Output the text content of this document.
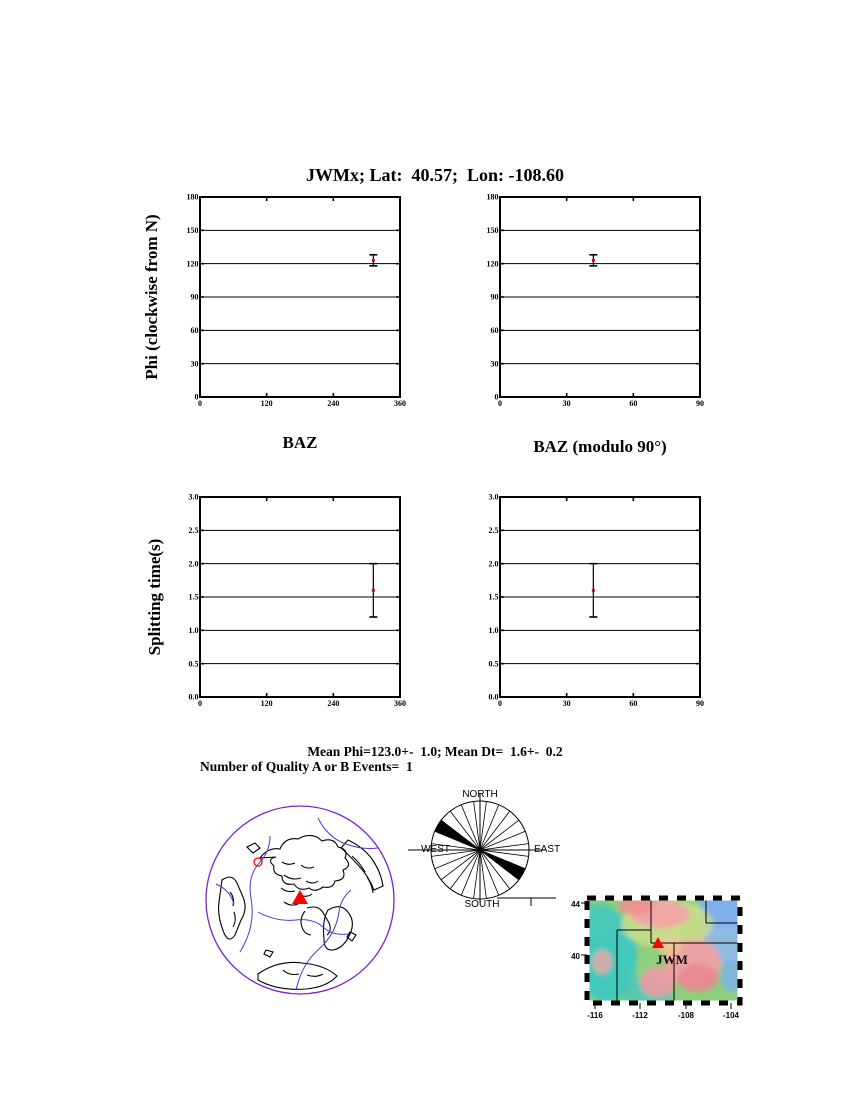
JWMx; Lat:  40.57;  Lon: -108.60
Phi (clockwise from N)
Splitting time(s)
0
30
60
90
120
150
180
0	120	240	360
0
30
60
90
120
150
180
0	30	60	90
0.0
0.5
1.0
1.5
2.0
2.5
3.0
0	120	240	360
0.0
0.5
1.0
1.5
2.0
2.5
3.0
0	30	60	90
BAZ	BAZ (modulo 90°)
Mean Phi=123.0+-  1.0; Mean Dt=  1.6+-  0.2
Number of Quality A or B Events=  1
NORTH
WEST	EAST
SOUTH
JWM
44
40
-116	-112	-108	-104
